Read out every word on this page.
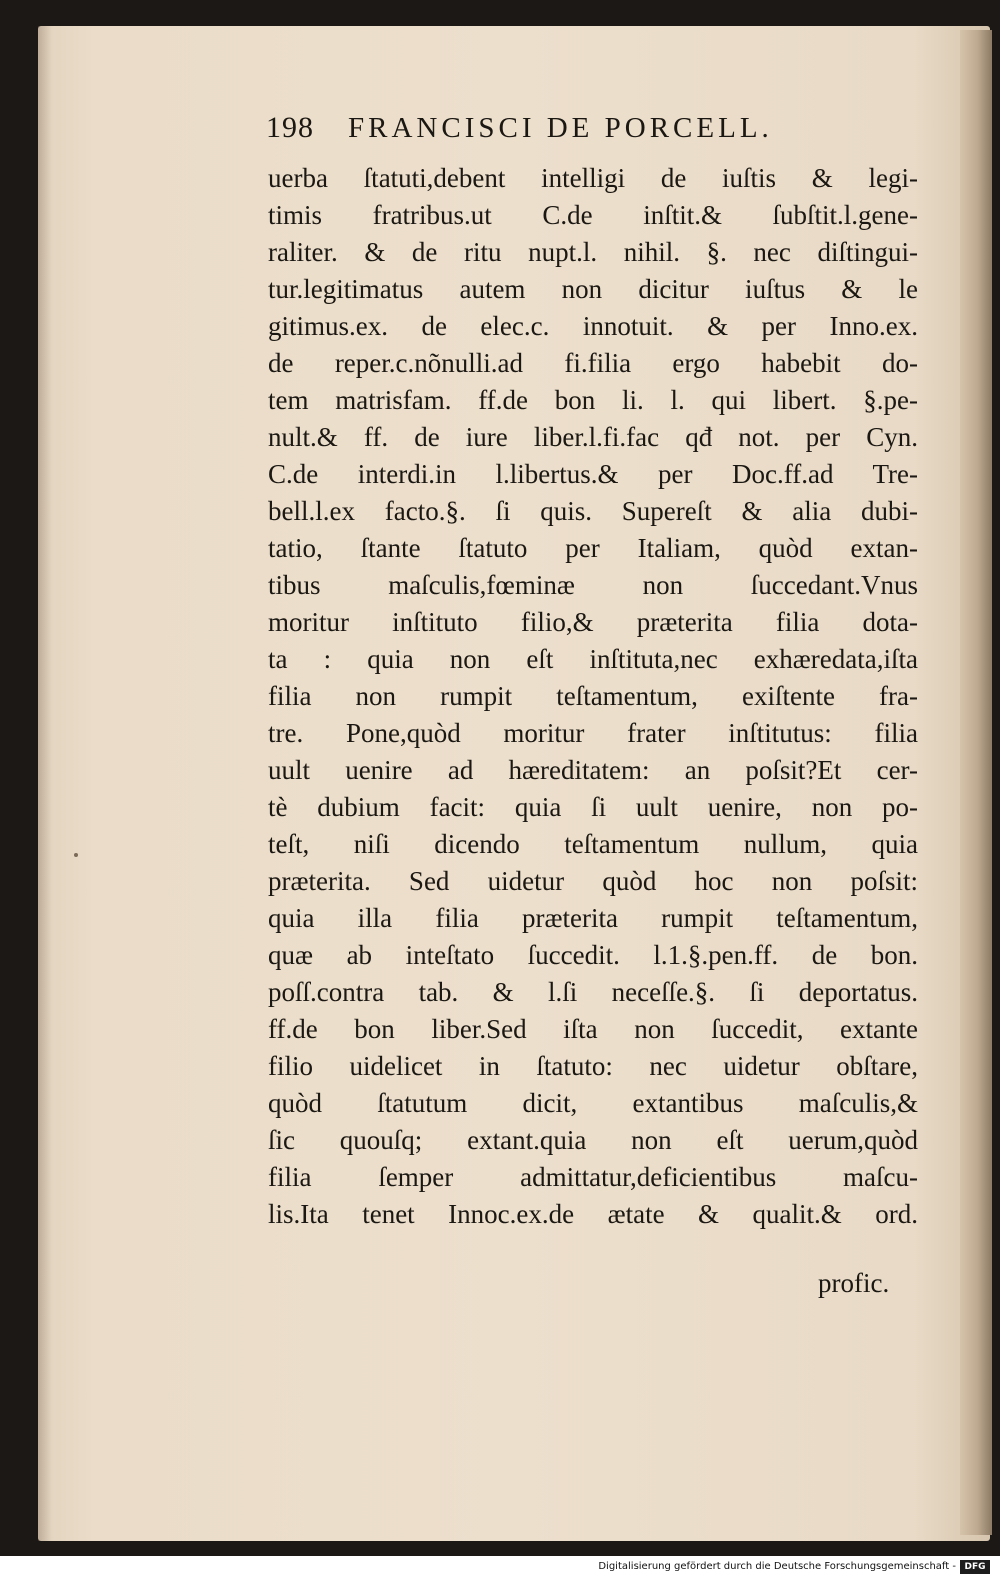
198 FRANCISCI DE PORCELL.
uerba ſtatuti,debent intelligi de iuſtis & legi-
timis fratribus.ut C.de inſtit.& ſubſtit.l.gene-
raliter. & de ritu nupt.l. nihil. §. nec diſtingui-
tur.legitimatus autem non dicitur iuſtus & le
gitimus.ex. de elec.c. innotuit. & per Inno.ex.
de reper.c.nõnulli.ad fi.filia ergo habebit do-
tem matrisfam. ff.de bon li. l. qui libert. §.pe-
nult.& ff. de iure liber.l.fi.fac qđ not. per Cyn.
C.de interdi.in l.libertus.& per Doc.ff.ad Tre-
bell.l.ex facto.§. ſi quis. Supereſt & alia dubi-
tatio, ſtante ſtatuto per Italiam, quòd extan-
tibus maſculis,fœminæ non ſuccedant.Vnus
moritur inſtituto filio,& præterita filia dota-
ta : quia non eſt inſtituta,nec exhæredata,iſta
filia non rumpit teſtamentum, exiſtente fra-
tre. Pone,quòd moritur frater inſtitutus: filia
uult uenire ad hæreditatem: an poſsit?Et cer-
tè dubium facit: quia ſi uult uenire, non po-
teſt, niſi dicendo teſtamentum nullum, quia
præterita. Sed uidetur quòd hoc non poſsit:
quia illa filia præterita rumpit teſtamentum,
quæ ab inteſtato ſuccedit. l.1.§.pen.ff. de bon.
poſſ.contra tab. & l.ſi neceſſe.§. ſi deportatus.
ff.de bon liber.Sed iſta non ſuccedit, extante
filio uidelicet in ſtatuto: nec uidetur obſtare,
quòd ſtatutum dicit, extantibus maſculis,&
ſic quouſq; extant.quia non eſt uerum,quòd
filia ſemper admittatur,deficientibus maſcu-
lis.Ita tenet Innoc.ex.de ætate & qualit.& ord.
profic.
Digitalisierung gefördert durch die Deutsche Forschungsgemeinschaft - DFG
